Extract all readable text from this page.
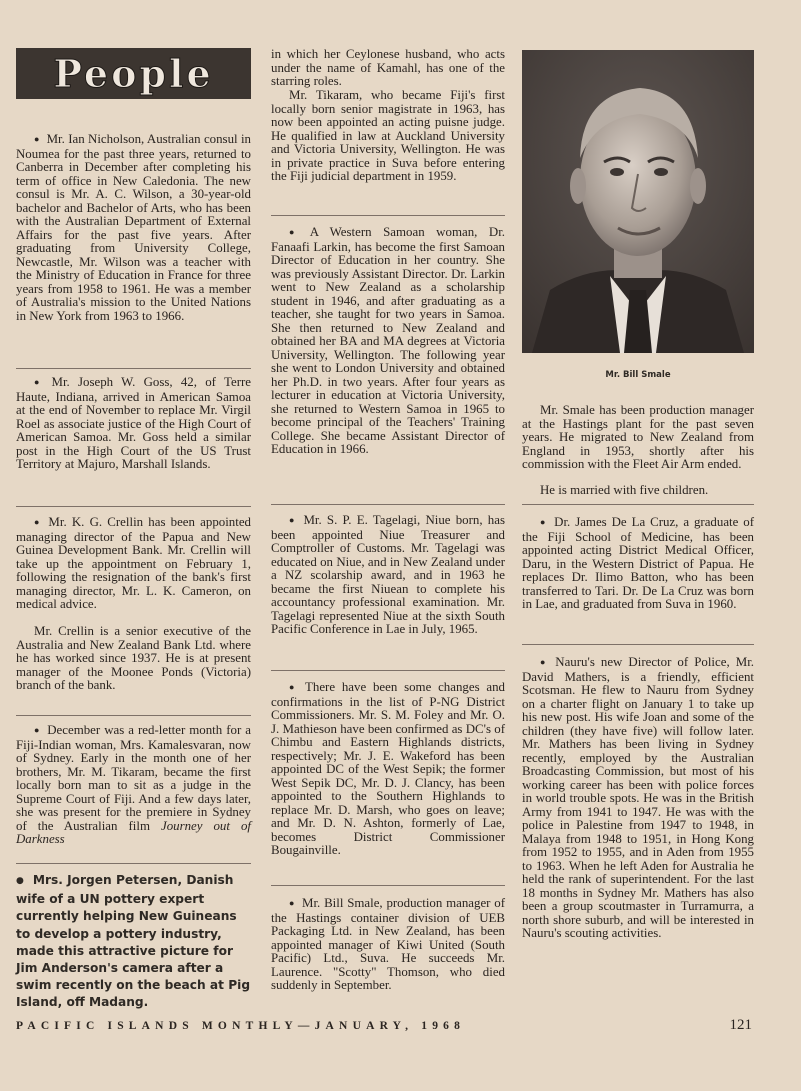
People

● Mr. Ian Nicholson, Australian consul in Noumea for the past three years, returned to Canberra in December after completing his term of office in New Caledonia. The new consul is Mr. A. C. Wilson, a 30-year-old bachelor and Bachelor of Arts, who has been with the Australian Department of External Affairs for the past five years. After graduating from University College, Newcastle, Mr. Wilson was a teacher with the Ministry of Education in France for three years from 1958 to 1961. He was a member of Australia's mission to the United Nations in New York from 1963 to 1966.

● Mr. Joseph W. Goss, 42, of Terre Haute, Indiana, arrived in American Samoa at the end of November to replace Mr. Virgil Roel as associate justice of the High Court of American Samoa. Mr. Goss held a similar post in the High Court of the US Trust Territory at Majuro, Marshall Islands.

● Mr. K. G. Crellin has been appointed managing director of the Papua and New Guinea Development Bank. Mr. Crellin will take up the appointment on February 1, following the resignation of the bank's first managing director, Mr. L. K. Cameron, on medical advice.

Mr. Crellin is a senior executive of the Australia and New Zealand Bank Ltd. where he has worked since 1937. He is at present manager of the Moonee Ponds (Victoria) branch of the bank.

● December was a red-letter month for a Fiji-Indian woman, Mrs. Kamalesvaran, now of Sydney. Early in the month one of her brothers, Mr. M. Tikaram, became the first locally born man to sit as a judge in the Supreme Court of Fiji. And a few days later, she was present for the premiere in Sydney of the Australian film Journey out of Darkness

● Mrs. Jorgen Petersen, Danish wife of a UN pottery expert currently helping New Guineans to develop a pottery industry, made this attractive picture for Jim Anderson's camera after a swim recently on the beach at Pig Island, off Madang.

in which her Ceylonese husband, who acts under the name of Kamahl, has one of the starring roles.

Mr. Tikaram, who became Fiji's first locally born senior magistrate in 1963, has now been appointed an acting puisne judge. He qualified in law at Auckland University and Victoria University, Wellington. He was in private practice in Suva before entering the Fiji judicial department in 1959.

● A Western Samoan woman, Dr. Fanaafi Larkin, has become the first Samoan Director of Education in her country. She was previously Assistant Director. Dr. Larkin went to New Zealand as a scholarship student in 1946, and after graduating as a teacher, she taught for two years in Samoa. She then returned to New Zealand and obtained her BA and MA degrees at Victoria University, Wellington. The following year she went to London University and obtained her Ph.D. in two years. After four years as lecturer in education at Victoria University, she returned to Western Samoa in 1965 to become principal of the Teachers' Training College. She became Assistant Director of Education in 1966.

● Mr. S. P. E. Tagelagi, Niue born, has been appointed Niue Treasurer and Comptroller of Customs. Mr. Tagelagi was educated on Niue, and in New Zealand under a NZ scolarship award, and in 1963 he became the first Niuean to complete his accountancy professional examination. Mr. Tagelagi represented Niue at the sixth South Pacific Conference in Lae in July, 1965.

● There have been some changes and confirmations in the list of P-NG District Commissioners. Mr. S. M. Foley and Mr. O. J. Mathieson have been confirmed as DC's of Chimbu and Eastern Highlands districts, respectively; Mr. J. E. Wakeford has been appointed DC of the West Sepik; the former West Sepik DC, Mr. D. J. Clancy, has been appointed to the Southern Highlands to replace Mr. D. Marsh, who goes on leave; and Mr. D. N. Ashton, formerly of Lae, becomes District Commissioner Bougainville.

● Mr. Bill Smale, production manager of the Hastings container division of UEB Packaging Ltd. in New Zealand, has been appointed manager of Kiwi United (South Pacific) Ltd., Suva. He succeeds Mr. Laurence. "Scotty" Thomson, who died suddenly in September.

Mr. Bill Smale

Mr. Smale has been production manager at the Hastings plant for the past seven years. He migrated to New Zealand from England in 1953, shortly after his commission with the Fleet Air Arm ended.

He is married with five children.

● Dr. James De La Cruz, a graduate of the Fiji School of Medicine, has been appointed acting District Medical Officer, Daru, in the Western District of Papua. He replaces Dr. Ilimo Batton, who has been transferred to Tari. Dr. De La Cruz was born in Lae, and graduated from Suva in 1960.

● Nauru's new Director of Police, Mr. David Mathers, is a friendly, efficient Scotsman. He flew to Nauru from Sydney on a charter flight on January 1 to take up his new post. His wife Joan and some of the children (they have five) will follow later. Mr. Mathers has been living in Sydney recently, employed by the Australian Broadcasting Commission, but most of his working career has been with police forces in world trouble spots. He was in the British Army from 1941 to 1947. He was with the police in Palestine from 1947 to 1948, in Malaya from 1948 to 1951, in Hong Kong from 1952 to 1955, and in Aden from 1955 to 1963. When he left Aden for Australia he held the rank of superintendent. For the last 18 months in Sydney Mr. Mathers has also been a group scoutmaster in Turramurra, a north shore suburb, and will be interested in Nauru's scouting activities.

PACIFIC ISLANDS MONTHLY—JANUARY, 1968	121
